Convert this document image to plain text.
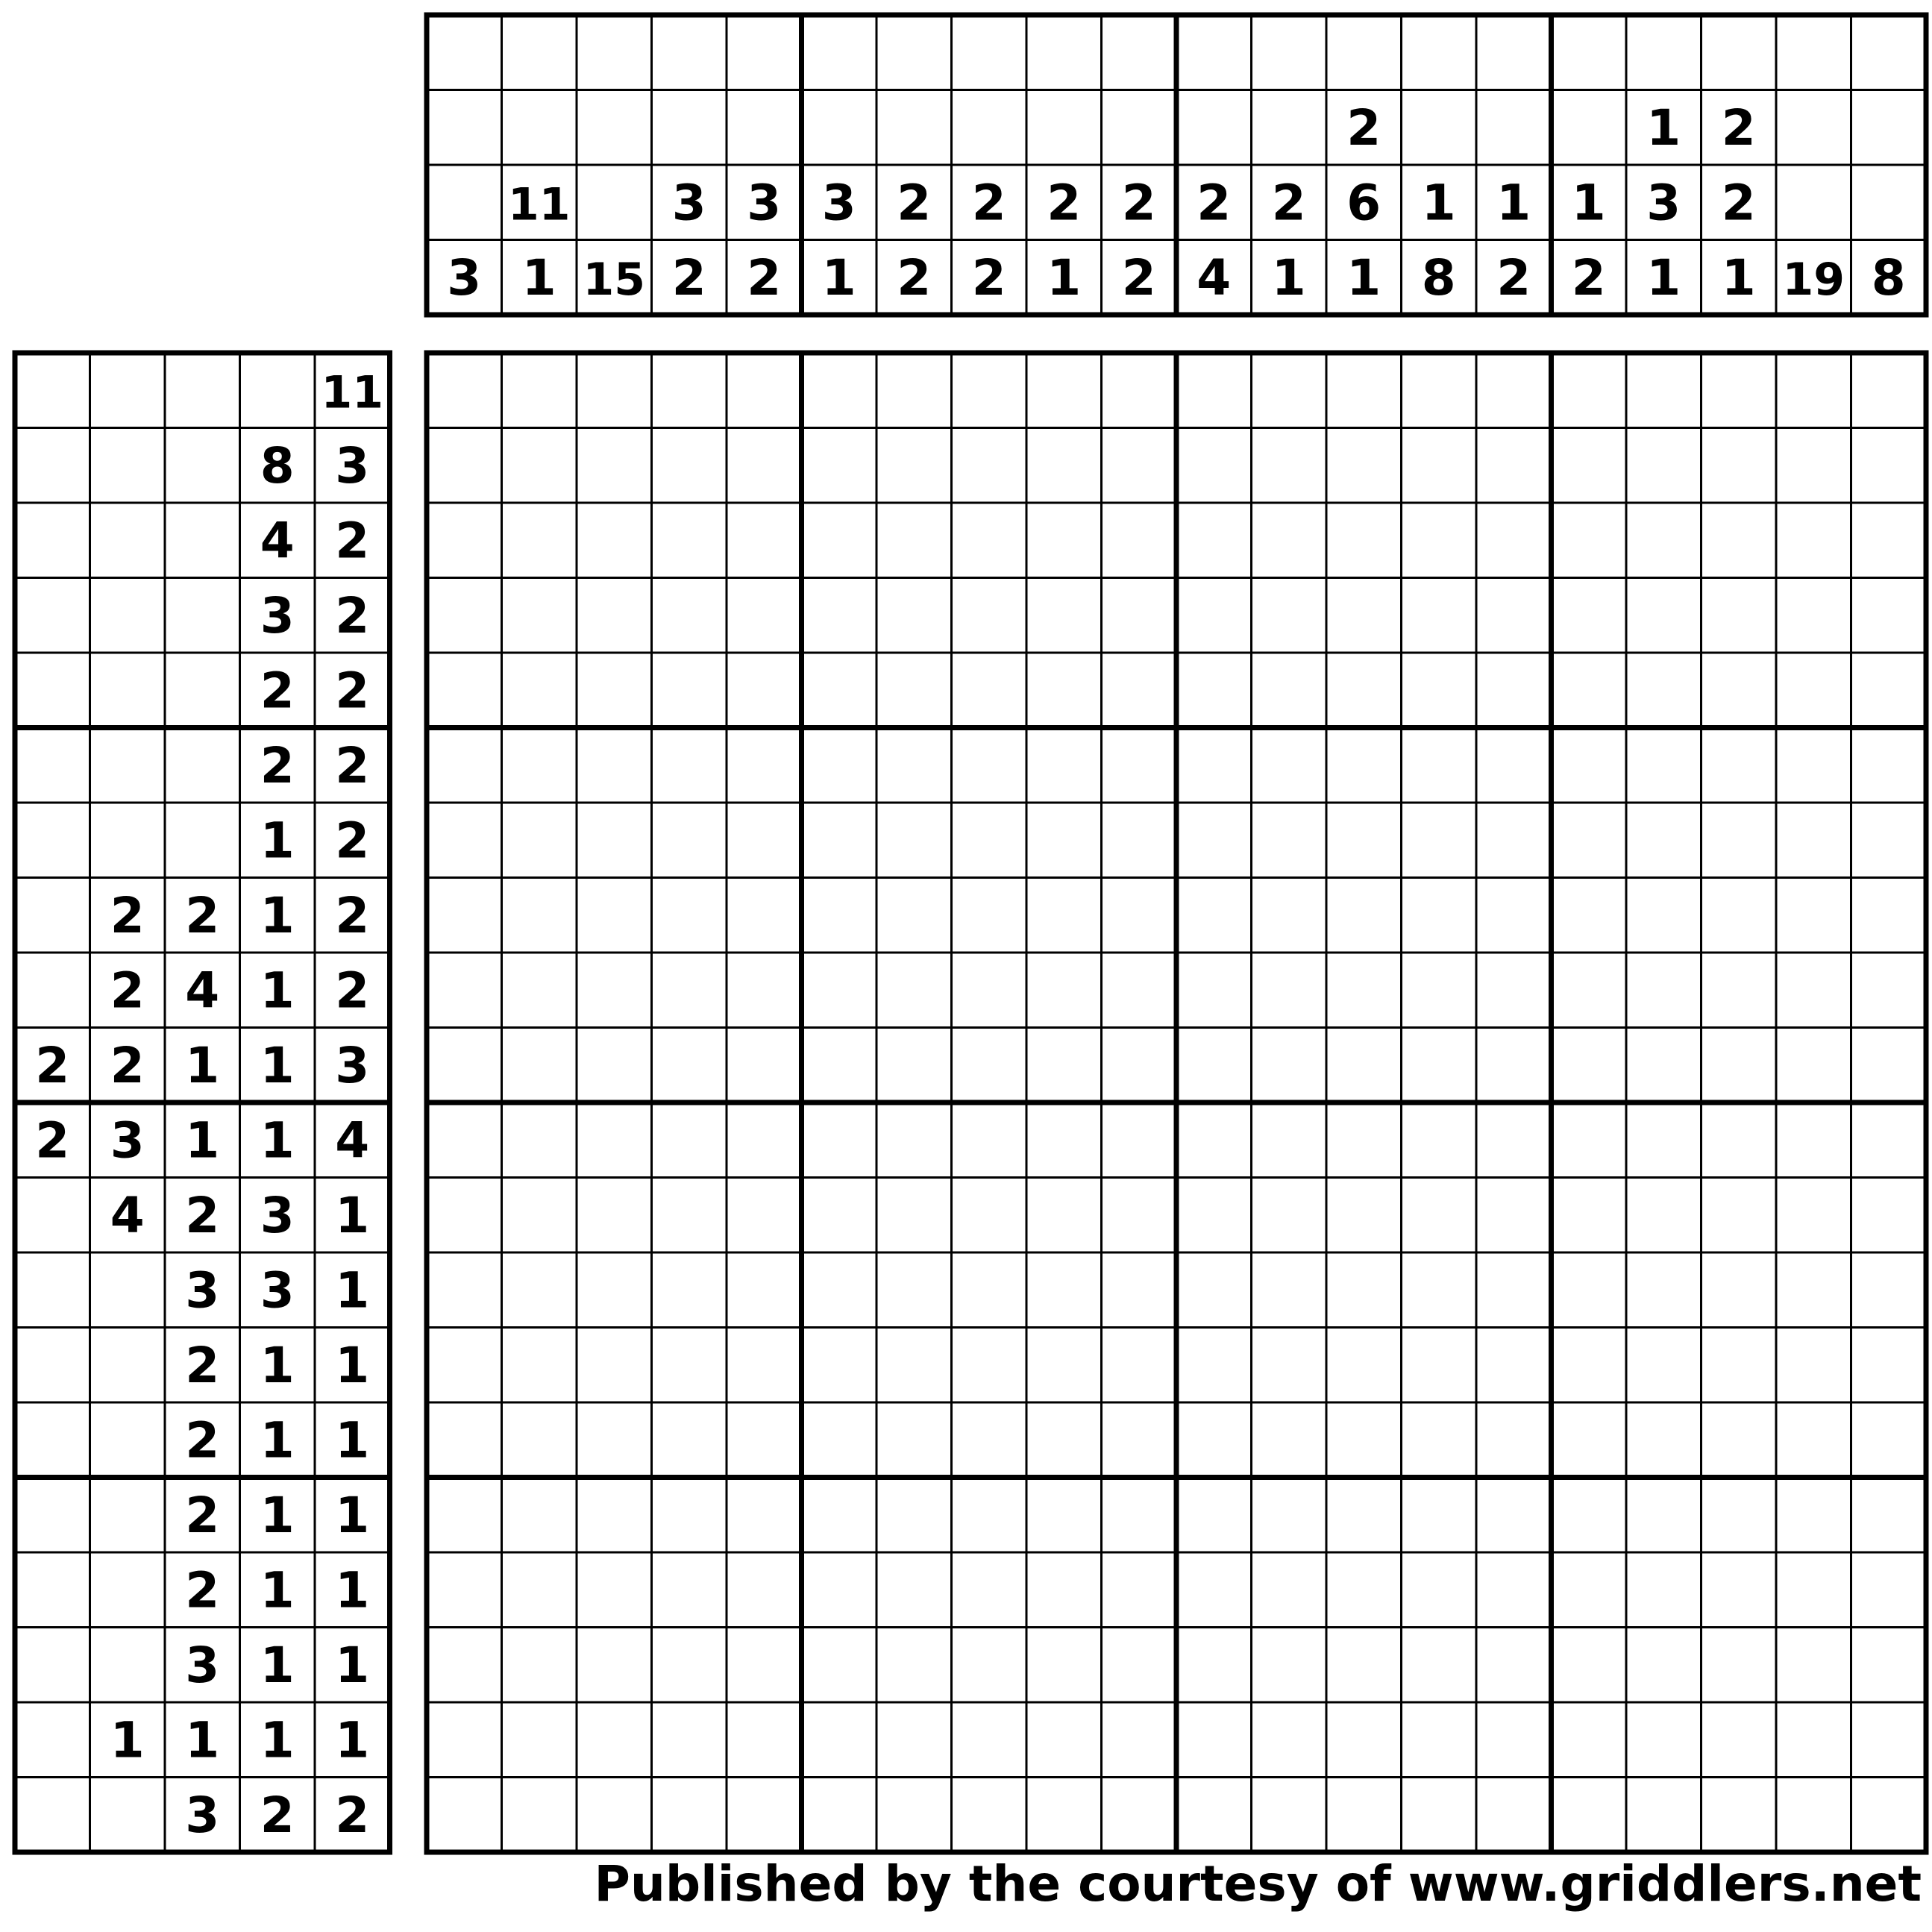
3
11
1 15
3
2
3
2
3
1
2
2
2
2
2
1
2
2
2
4
2
1
2
6
1
1
8
1
2
1
2
1
3
1
2
2
1 19 8
11
8 3
4 2
3 2
2 2
2 2
1 2
2 2 1 2
2 4 1 2
2 2 1 1 3
2 3 1 1 4
4 2 3 1
3 3 1
2 1 1
2 1 1
2 1 1
2 1 1
3 1 1
1 1 1 1
3 2 2
Published by the courtesy of www.griddlers.net
